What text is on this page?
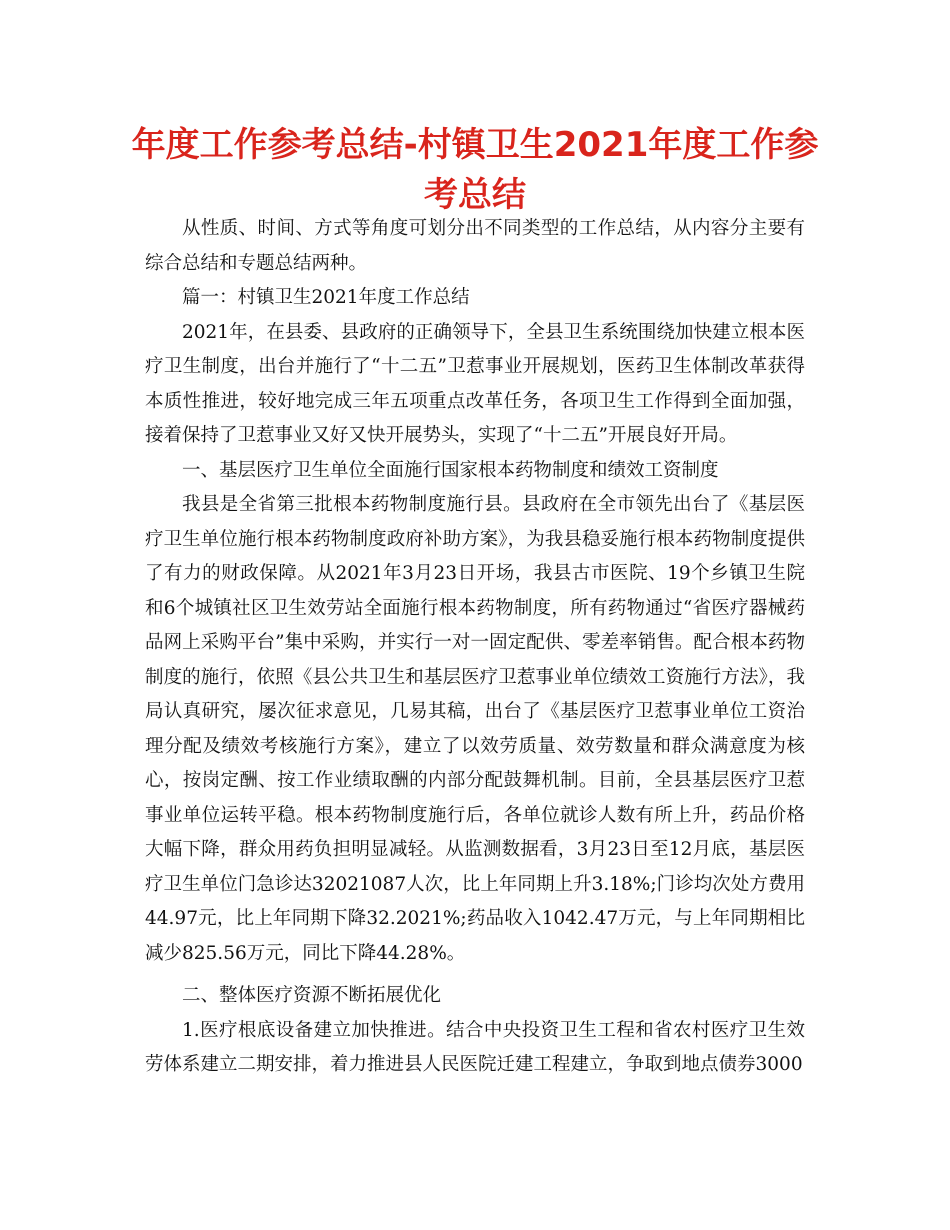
年度工作参考总结-村镇卫生2021年度工作参考总结

从性质、时间、方式等角度可划分出不同类型的工作总结，从内容分主要有综合总结和专题总结两种。

篇一：村镇卫生2021年度工作总结

2021年，在县委、县政府的正确领导下，全县卫生系统围绕加快建立根本医疗卫生制度，出台并施行了“十二五”卫惹事业开展规划，医药卫生体制改革获得本质性推进，较好地完成三年五项重点改革任务，各项卫生工作得到全面加强，接着保持了卫惹事业又好又快开展势头，实现了“十二五”开展良好开局。

一、基层医疗卫生单位全面施行国家根本药物制度和绩效工资制度

我县是全省第三批根本药物制度施行县。县政府在全市领先出台了《基层医疗卫生单位施行根本药物制度政府补助方案》，为我县稳妥施行根本药物制度提供了有力的财政保障。从2021年3月23日开场，我县古市医院、19个乡镇卫生院和6个城镇社区卫生效劳站全面施行根本药物制度，所有药物通过“省医疗器械药品网上采购平台”集中采购，并实行一对一固定配供、零差率销售。配合根本药物制度的施行，依照《县公共卫生和基层医疗卫惹事业单位绩效工资施行方法》，我局认真研究，屡次征求意见，几易其稿，出台了《基层医疗卫惹事业单位工资治理分配及绩效考核施行方案》，建立了以效劳质量、效劳数量和群众满意度为核心，按岗定酬、按工作业绩取酬的内部分配鼓舞机制。目前，全县基层医疗卫惹事业单位运转平稳。根本药物制度施行后，各单位就诊人数有所上升，药品价格大幅下降，群众用药负担明显减轻。从监测数据看，3月23日至12月底，基层医疗卫生单位门急诊达32021087人次，比上年同期上升3.18%;门诊均次处方费用44.97元，比上年同期下降32.2021%;药品收入1042.47万元，与上年同期相比减少825.56万元，同比下降44.28%。

二、整体医疗资源不断拓展优化

1.医疗根底设备建立加快推进。结合中央投资卫生工程和省农村医疗卫生效劳体系建立二期安排，着力推进县人民医院迁建工程建立，争取到地点债券3000
